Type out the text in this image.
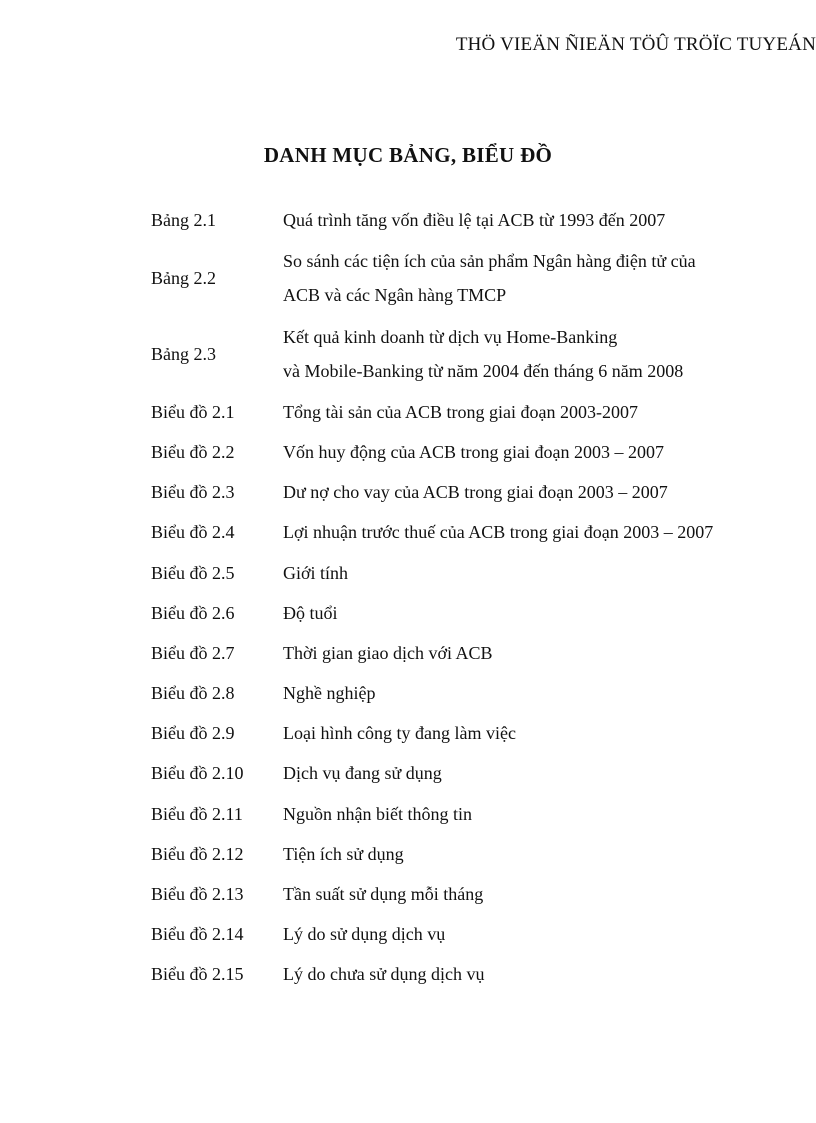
THÖ VIEÄN ÑIEÄN TÖÛ TRÖÏC TUYEÁN
DANH MỤC BẢNG, BIỂU ĐỒ
Bảng 2.1	Quá trình tăng vốn điều lệ tại ACB từ 1993 đến 2007
Bảng 2.2
So sánh các tiện ích của sản phẩm Ngân hàng điện tử của
ACB và các Ngân hàng TMCP
Bảng 2.3
Kết quả kinh doanh từ dịch vụ Home-Banking
và Mobile-Banking từ năm 2004 đến tháng 6 năm 2008
Biểu đồ 2.1	Tổng tài sản của ACB trong giai đoạn 2003-2007
Biểu đồ 2.2	Vốn huy động của ACB trong giai đoạn 2003 – 2007
Biểu đồ 2.3	Dư nợ cho vay của ACB trong giai đoạn 2003 – 2007
Biểu đồ 2.4	Lợi nhuận trước thuế của ACB trong giai đoạn 2003 – 2007
Biểu đồ 2.5	Giới tính
Biểu đồ 2.6	Độ tuổi
Biểu đồ 2.7	Thời gian giao dịch với ACB
Biểu đồ 2.8	Nghề nghiệp
Biểu đồ 2.9	Loại hình công ty đang làm việc
Biểu đồ 2.10 Dịch vụ đang sử dụng
Biểu đồ 2.11 Nguồn nhận biết thông tin
Biểu đồ 2.12 Tiện ích sử dụng
Biểu đồ 2.13 Tần suất sử dụng mỗi tháng
Biểu đồ 2.14 Lý do sử dụng dịch vụ
Biểu đồ 2.15 Lý do chưa sử dụng dịch vụ
